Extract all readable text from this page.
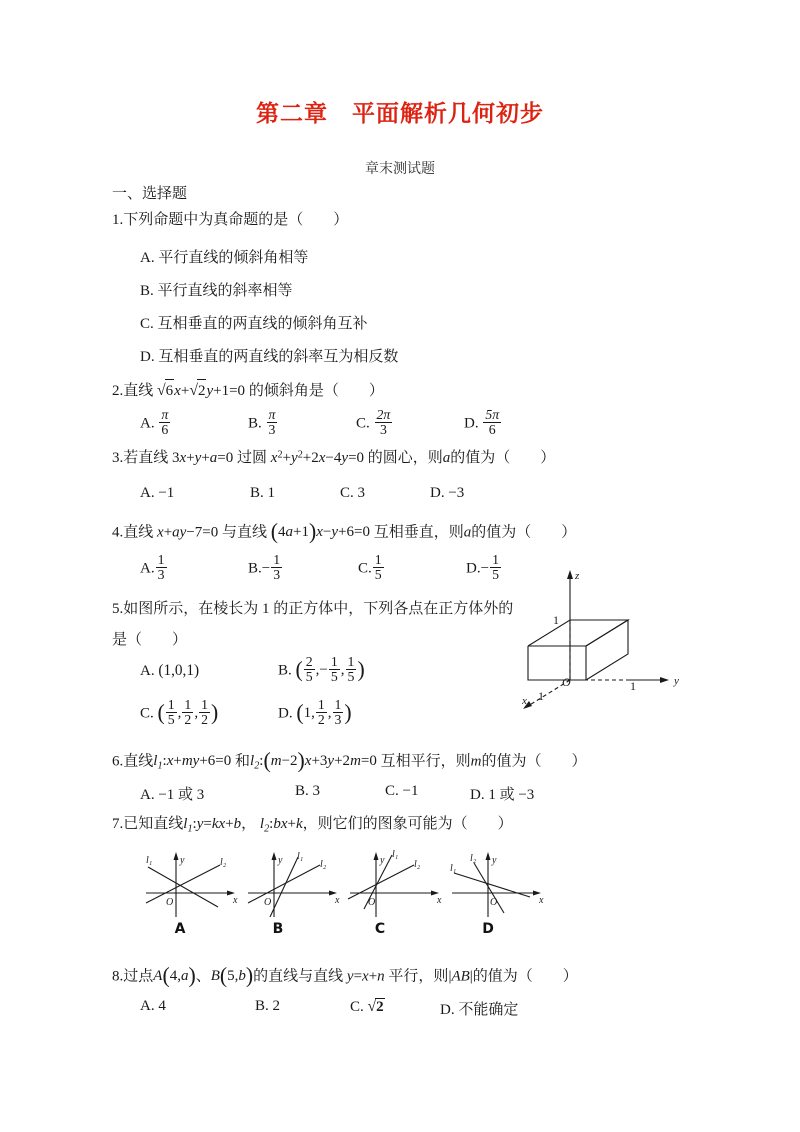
第二章　平面解析几何初步
章末测试题
一、选择题
1.下列命题中为真命题的是（　　）
A. 平行直线的倾斜角相等
B. 平行直线的斜率相等
C. 互相垂直的两直线的倾斜角互补
D. 互相垂直的两直线的斜率互为相反数
2.直线 √6x+√2y+1=0 的倾斜角是（　　）
A. $\frac{\pi}{6}$	B. $\frac{\pi}{3}$	C. $\frac{2\pi}{3}$	D. $\frac{5\pi}{6}$
3.若直线 3x+y+a=0 过圆 $x^2+y^2+2x-4y=0$ 的圆心，则a的值为（　　）
A. −1	B. 1	C. 3	D. −3
4.直线 x+ay−7=0 与直线 (4a+1)x−y+6=0 互相垂直，则a的值为（　　）
A. $\frac{1}{3}$	$B.- \frac{1}{3}$	C. $\frac{1}{5}$	$D.- \frac{1}{5}$
5.如图所示，在棱长为 1 的正方体中，下列各点在正方体外的
是（　　）
A. (1,0,1)	B. ( $\frac{2}{5}$ ,− $\frac{1}{5}$ , $\frac{1}{5}$ )
C. ( $\frac{1}{5}$ , $\frac{1}{2}$ , $\frac{1}{2}$ )	D. (1, $\frac{1}{2}$ , $\frac{1}{3}$ )
z
y
x
1
1
1
O
6.直线$l_1:x+my+6=0$ 和$l_2:(m-2)x+3y+2m=0$ 互相平行，则m的值为（　　）
A. −1 或 3	B. 3	C. −1	D. 1 或 −3
7.已知直线$l_1:y=kx+b$， $l_2:bx+k$，则它们的图象可能为（　　）
x
y
O
l₁	l₂
A
x
y
O
l₁
l₂
B
x
y
O
l₁
l₂
C
x
y
O
l₁
l₂
D
8.过点A(4,a)、B(5,b)的直线与直线 y=x+n 平行，则|AB|的值为（　　）
A. 4	B. 2	C. √2	D. 不能确定
